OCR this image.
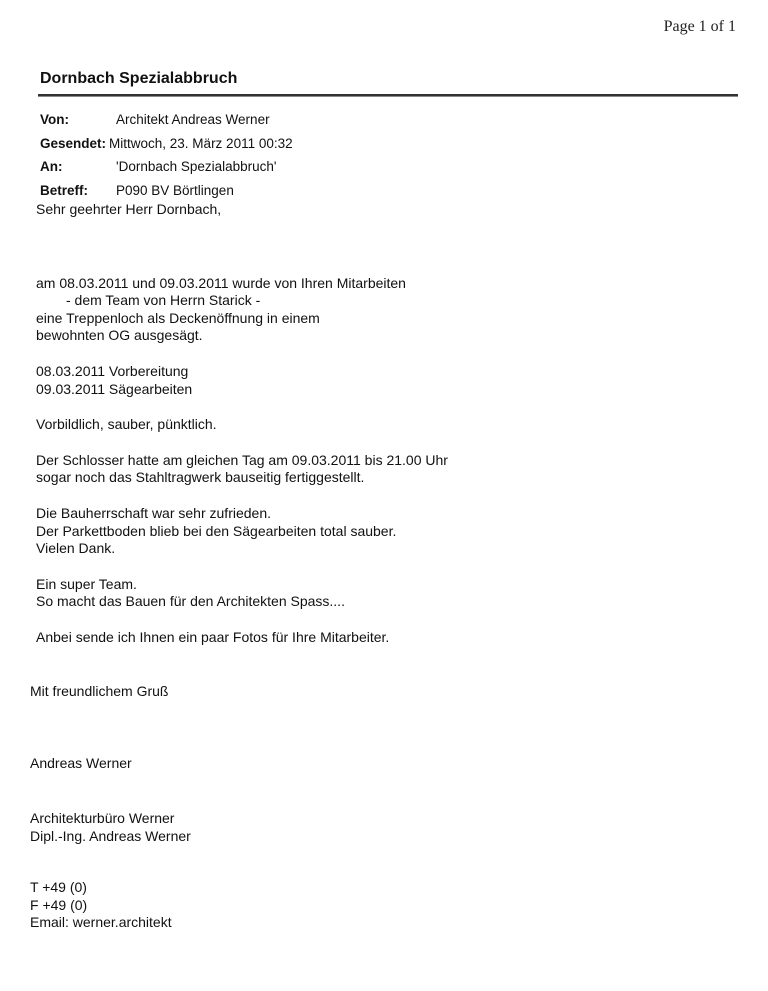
Page 1 of 1
Dornbach Spezialabbruch
Von:	Architekt Andreas Werner
Gesendet: Mittwoch, 23. März 2011 00:32
An:	'Dornbach Spezialabbruch'
Betreff: P090 BV Börtlingen
Sehr geehrter Herr Dornbach,
am 08.03.2011 und 09.03.2011 wurde von Ihren Mitarbeiten
- dem Team von Herrn Starick -
eine Treppenloch als Deckenöffnung in einem
bewohnten OG ausgesägt.
08.03.2011 Vorbereitung
09.03.2011 Sägearbeiten
Vorbildlich, sauber, pünktlich.
Der Schlosser hatte am gleichen Tag am 09.03.2011 bis 21.00 Uhr
sogar noch das Stahltragwerk bauseitig fertiggestellt.
Die Bauherrschaft war sehr zufrieden.
Der Parkettboden blieb bei den Sägearbeiten total sauber.
Vielen Dank.
Ein super Team.
So macht das Bauen für den Architekten Spass....
Anbei sende ich Ihnen ein paar Fotos für Ihre Mitarbeiter.
Mit freundlichem Gruß
Andreas Werner
Architekturbüro Werner
Dipl.-Ing. Andreas Werner
T +49 (0)
F +49 (0)
Email: werner.architekt
